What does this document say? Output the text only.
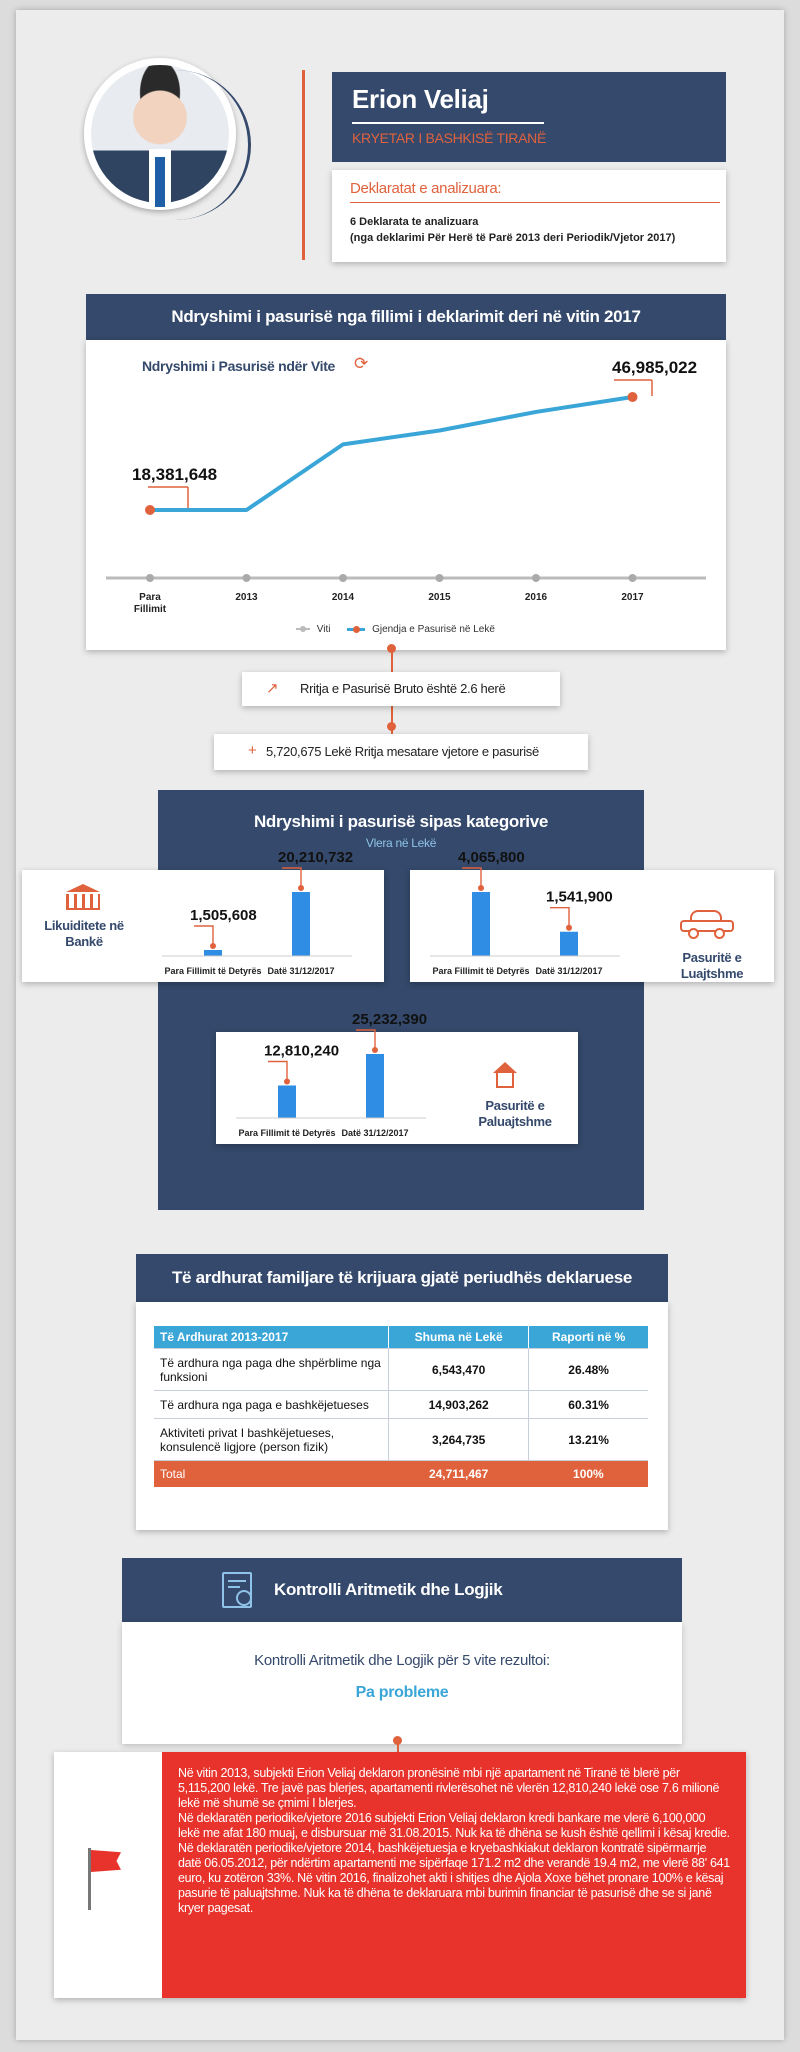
Erion Veliaj
KRYETAR I BASHKISË TIRANË
Deklaratat e analizuara:
6 Deklarata te analizuara
(nga deklarimi Për Herë të Parë 2013 deri Periodik/Vjetor 2017)
Ndryshimi i pasurisë nga fillimi i deklarimit deri në vitin 2017
Ndryshimi i Pasurisë ndër Vite ⟳
18,381,648
46,985,022
Para
Fillimit
2013	2014	2015	2016	2017
Viti	Gjendja e Pasurisë në Lekë
↗ Rritja e Pasurisë Bruto është 2.6 herë
+ 5,720,675 Lekë Rritja mesatare vjetore e pasurisë
Ndryshimi i pasurisë sipas kategorive
Vlera në Lekë
Likuiditete në Bankë
1,505,608
Para Fillimit të Detyrës
20,210,732
Datë 31/12/2017
4,065,800
Para Fillimit të Detyrës
1,541,900
Datë 31/12/2017
Pasuritë e Luajtshme
12,810,240
Para Fillimit të Detyrës
25,232,390
Datë 31/12/2017
Pasuritë e Paluajtshme
Të ardhurat familjare të krijuara gjatë periudhës deklaruese
Të Ardhurat 2013-2017	Shuma në Lekë	Raporti në %
Të ardhura nga paga dhe shpërblime nga funksioni	6,543,470	26.48%
Të ardhura nga paga e bashkëjetueses	14,903,262	60.31%
Aktiviteti privat I bashkëjetueses, konsulencë ligjore (person fizik)	3,264,735	13.21%
Total	24,711,467	100%
Kontrolli Aritmetik dhe Logjik
Kontrolli Aritmetik dhe Logjik për 5 vite rezultoi:
Pa probleme
Në vitin 2013, subjekti Erion Veliaj deklaron pronësinë mbi një apartament në Tiranë të blerë për 5,115,200 lekë. Tre javë pas blerjes, apartamenti rivlerësohet në vlerën 12,810,240 lekë ose 7.6 milionë lekë më shumë se çmimi I blerjes.
Në deklaratën periodike/vjetore 2016 subjekti Erion Veliaj deklaron kredi bankare me vlerë 6,100,000 lekë me afat 180 muaj, e disbursuar më 31.08.2015. Nuk ka të dhëna se kush është qellimi i kësaj kredie.
Në deklaratën periodike/vjetore 2014, bashkëjetuesja e kryebashkiakut deklaron kontratë sipërmarrje datë 06.05.2012, për ndërtim apartamenti me sipërfaqe 171.2 m2 dhe verandë 19.4 m2, me vlerë 88' 641 euro, ku zotëron 33%. Në vitin 2016, finalizohet akti i shitjes dhe Ajola Xoxe bëhet pronare 100% e kësaj pasurie të paluajtshme. Nuk ka të dhëna te deklaruara mbi burimin financiar të pasurisë dhe se si janë kryer pagesat.
